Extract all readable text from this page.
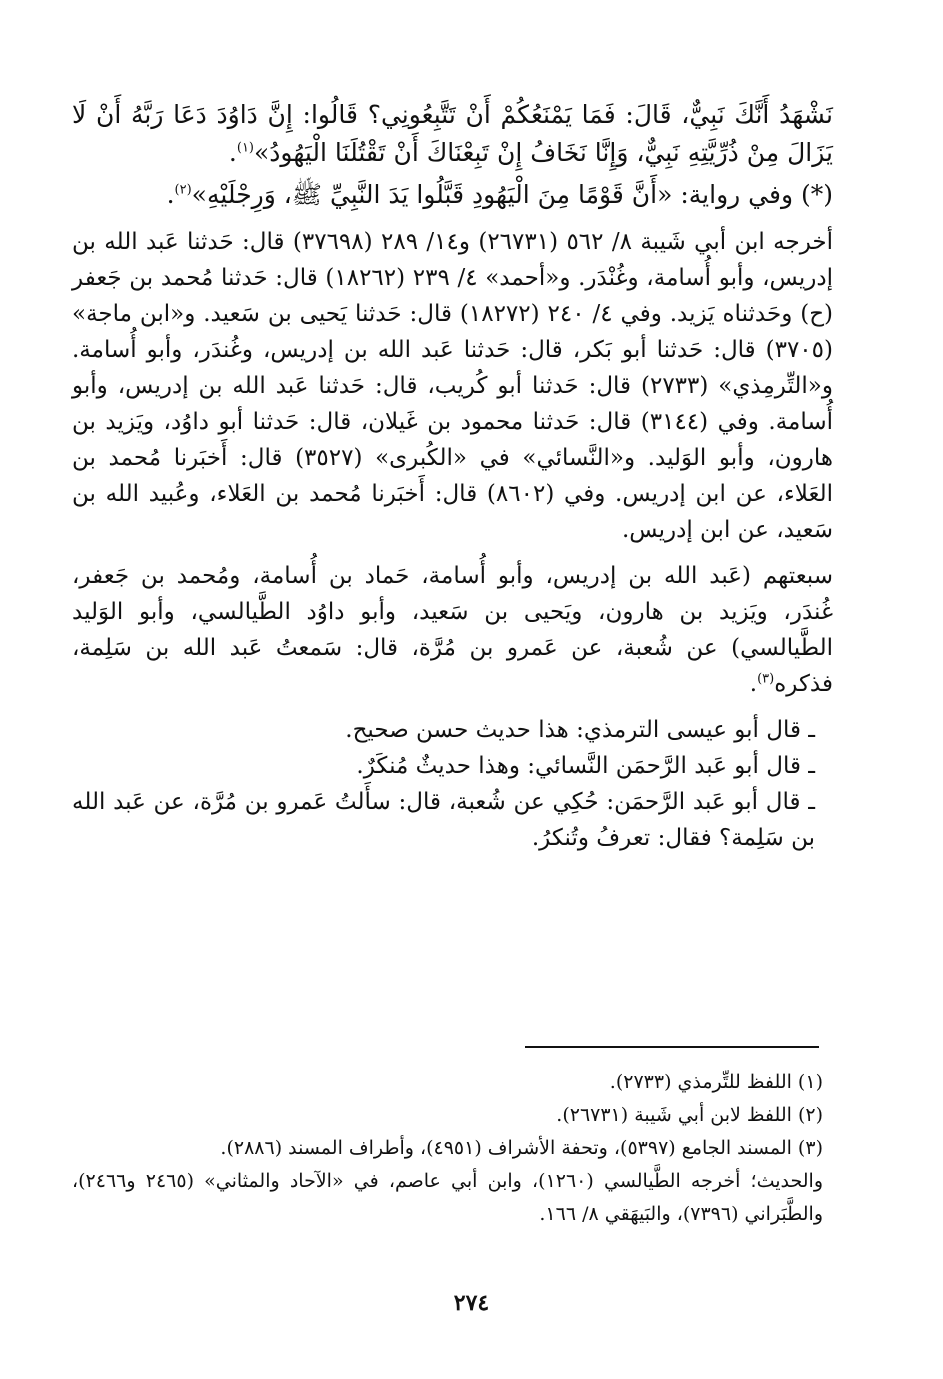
نَشْهَدُ أَنَّكَ نَبِيٌّ، قَالَ: فَمَا يَمْنَعُكُمْ أَنْ تَتَّبِعُونِي؟ قَالُوا: إِنَّ دَاوُدَ دَعَا رَبَّهُ أَنْ لَا يَزَالَ مِنْ ذُرِّيَّتِهِ نَبِيٌّ، وَإِنَّا نَخَافُ إِنْ تَبِعْنَاكَ أَنْ تَقْتُلَنَا الْيَهُودُ»$^{(١)}$.

(*) وفي رواية: «أَنَّ قَوْمًا مِنَ الْيَهُودِ قَبَّلُوا يَدَ النَّبِيِّ ﷺ، وَرِجْلَيْهِ»$^{(٢)}$.

أخرجه ابن أبي شَيبة ٨/ ٥٦٢ (٢٦٧٣١) و١٤/ ٢٨٩ (٣٧٦٩٨) قال: حَدثنا عَبد الله بن إدريس، وأبو أُسامة، وغُنْدَر. و«أحمد» ٤/ ٢٣٩ (١٨٢٦٢) قال: حَدثنا مُحمد بن جَعفر (ح) وحَدثناه يَزيد. وفي ٤/ ٢٤٠ (١٨٢٧٢) قال: حَدثنا يَحيى بن سَعيد. و«ابن ماجة» (٣٧٠٥) قال: حَدثنا أبو بَكر، قال: حَدثنا عَبد الله بن إدريس، وغُندَر، وأبو أُسامة. و«التِّرمِذي» (٢٧٣٣) قال: حَدثنا أبو كُريب، قال: حَدثنا عَبد الله بن إدريس، وأبو أُسامة. وفي (٣١٤٤) قال: حَدثنا محمود بن غَيلان، قال: حَدثنا أبو داوُد، ويَزيد بن هارون، وأبو الوَليد. و«النَّسائي» في «الكُبرى» (٣٥٢٧) قال: أَخبَرنا مُحمد بن العَلاء، عن ابن إدريس. وفي (٨٦٠٢) قال: أَخبَرنا مُحمد بن العَلاء، وعُبيد الله بن سَعيد، عن ابن إدريس.

سبعتهم (عَبد الله بن إدريس، وأبو أُسامة، حَماد بن أُسامة، ومُحمد بن جَعفر، غُندَر، ويَزيد بن هارون، ويَحيى بن سَعيد، وأبو داوُد الطَّيالسي، وأبو الوَليد الطَّيالسي) عن شُعبة، عن عَمرو بن مُرَّة، قال: سَمعتُ عَبد الله بن سَلِمة، فذكره$^{(٣)}$.

ـ قال أبو عيسى الترمذي: هذا حديث حسن صحيح.

ـ قال أبو عَبد الرَّحمَن النَّسائي: وهذا حديثٌ مُنكَرٌ.

ـ قال أبو عَبد الرَّحمَن: حُكِي عن شُعبة، قال: سأَلتُ عَمرو بن مُرَّة، عن عَبد الله بن سَلِمة؟ فقال: تعرفُ وتُنكرُ.

(١) اللفظ للتِّرمذي (٢٧٣٣).

(٢) اللفظ لابن أبي شَيبة (٢٦٧٣١).

(٣) المسند الجامع (٥٣٩٧)، وتحفة الأشراف (٤٩٥١)، وأطراف المسند (٢٨٨٦).

والحديث؛ أخرجه الطَّيالسي (١٢٦٠)، وابن أبي عاصم، في «الآحاد والمثاني» (٢٤٦٥ و٢٤٦٦)، والطَّبَراني (٧٣٩٦)، والبَيهَقي ٨/ ١٦٦.

٢٧٤
